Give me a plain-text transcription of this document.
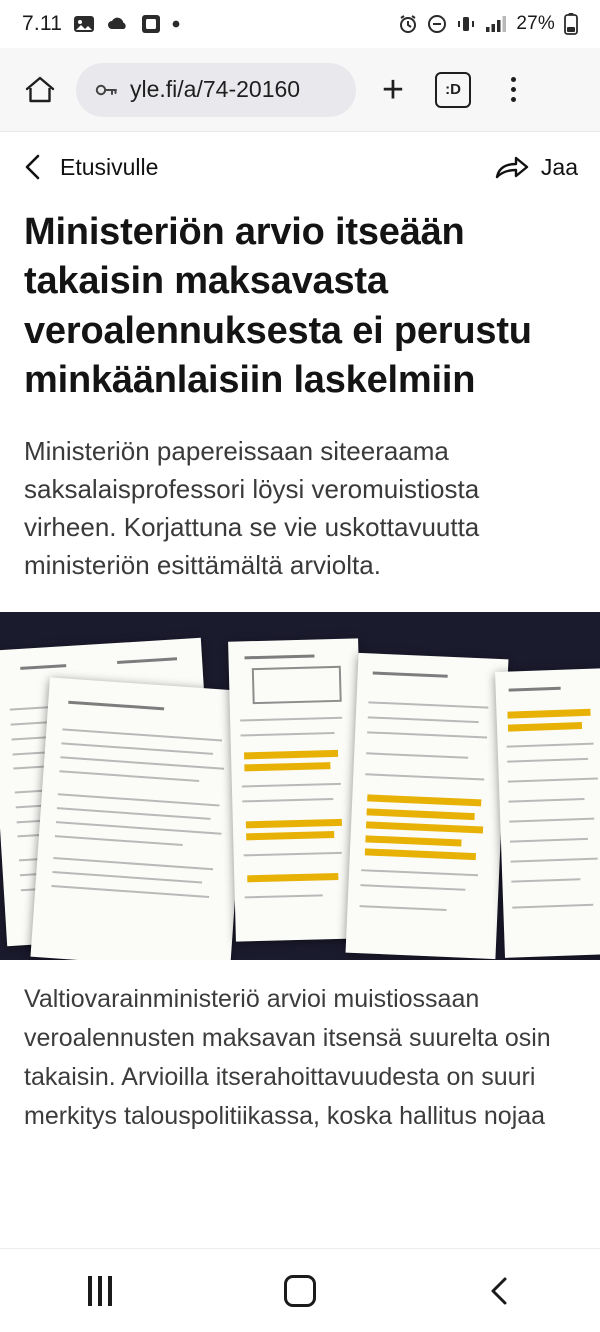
7.11	27%
yle.fi/a/74-20160 +	:D
Etusivulle	Jaa
Ministeriön arvio itseään takaisin maksavasta veroalennuksesta ei perustu minkäänlaisiin laskelmiin

Ministeriön papereissaan siteeraama saksalaisprofessori löysi veromuistiosta virheen. Korjattuna se vie uskottavuutta ministeriön esittämältä arviolta.

Valtiovarainministeriö arvioi muistiossaan veroalennusten maksavan itsensä suurelta osin takaisin. Arvioilla itserahoittavuudesta on suuri merkitys talouspolitiikassa, koska hallitus nojaa
